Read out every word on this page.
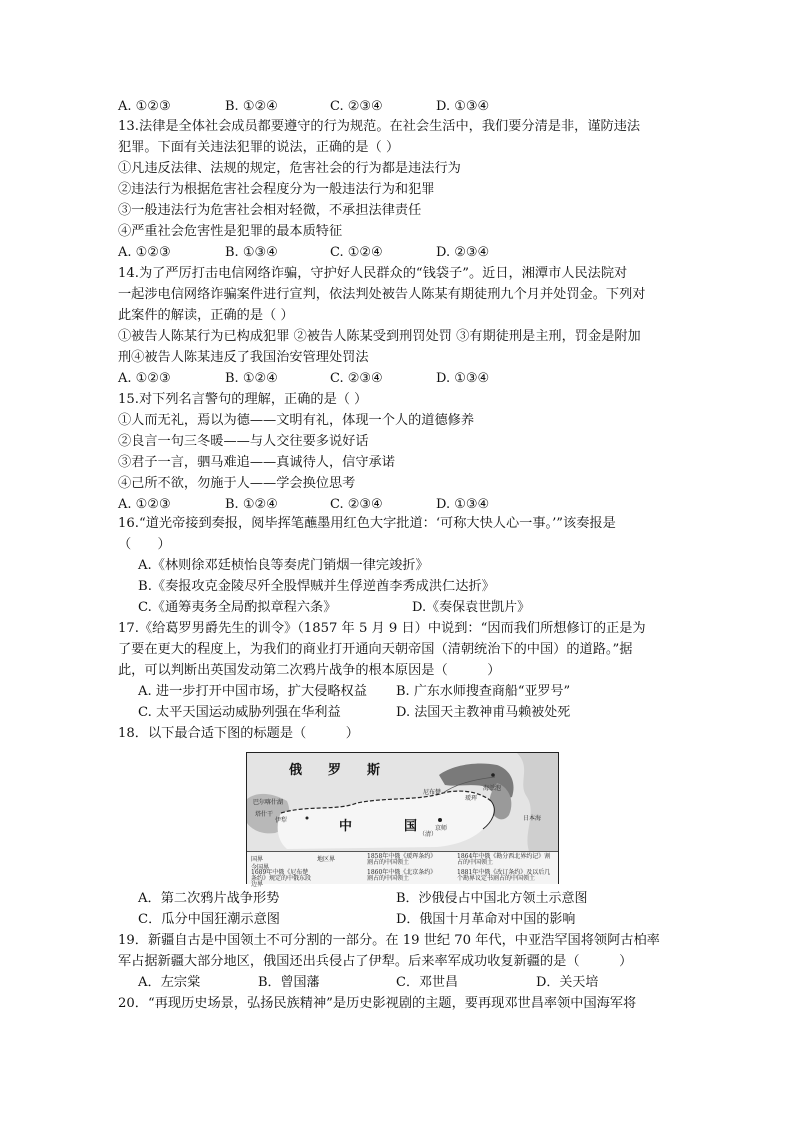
A. ①②③	B. ①②④	C. ②③④	D. ①③④
13.法律是全体社会成员都要遵守的行为规范。在社会生活中，我们要分清是非，谨防违法
犯罪。下面有关违法犯罪的说法，正确的是（ ）
①凡违反法律、法规的规定，危害社会的行为都是违法行为
②违法行为根据危害社会程度分为一般违法行为和犯罪
③一般违法行为危害社会相对轻微，不承担法律责任
④严重社会危害性是犯罪的最本质特征
A. ①②③	B. ①③④	C. ①②④	D. ②③④
14.为了严厉打击电信网络诈骗，守护好人民群众的“钱袋子”。近日，湘潭市人民法院对
一起涉电信网络诈骗案件进行宣判，依法判处被告人陈某有期徒刑九个月并处罚金。下列对
此案件的解读，正确的是（ ）
①被告人陈某行为已构成犯罪 ②被告人陈某受到刑罚处罚 ③有期徒刑是主刑，罚金是附加
刑④被告人陈某违反了我国治安管理处罚法
A. ①②③	B. ①②④	C. ②③④	D. ①③④
15.对下列名言警句的理解，正确的是（ ）
①人而无礼，焉以为德——文明有礼，体现一个人的道德修养
②良言一句三冬暖——与人交往要多说好话
③君子一言，驷马难追——真诚待人，信守承诺
④己所不欲，勿施于人——学会换位思考
A. ①②③	B. ①②④	C. ②③④	D. ①③④
16.“道光帝接到奏报，阅毕挥笔蘸墨用红色大字批道：‘可称大快人心一事。’”该奏报是
（　　）
A.《林则徐邓廷桢怡良等奏虎门销烟一律完竣折》
B.《奏报攻克金陵尽歼全股悍贼并生俘逆酋李秀成洪仁达折》
C.《通筹夷务全局酌拟章程六条》	D.《奏保袁世凯片》
17.《给葛罗男爵先生的训令》（1857 年 5 月 9 日）中说到：“因而我们所想修订的正是为
了要在更大的程度上，为我们的商业打开通向天朝帝国（清朝统治下的中国）的道路。”据
此，可以判断出英国发动第二次鸦片战争的根本原因是（　　　）
A. 进一步打开中国市场，扩大侵略权益 B. 广东水师搜查商船“亚罗号”
C. 太平天国运动威胁列强在华利益	D. 法国天主教神甫马赖被处死
18．以下最合适下图的标题是（　　　）
俄　　罗　　斯
中　　　　国
（清）
尼布楚
海兰泡
瑷珲
伊犁
京师
塔什干
巴尔喀什湖
日本海
国界
今国界
1689年中俄《尼布楚条约》规定的中俄东段边界
地区界	1858年中俄《瑷珲条约》割占的中国领土
1860年中俄《北京条约》割占的中国领土
1864年中俄《勘分西北界约记》割占的中国领土
1881年中俄《改订条约》及以后几个勘界议定书割占的中国领土
A．第二次鸦片战争形势	B．沙俄侵占中国北方领土示意图
C．瓜分中国狂潮示意图	D．俄国十月革命对中国的影响
19．新疆自古是中国领土不可分割的一部分。在 19 世纪 70 年代，中亚浩罕国将领阿古柏率
军占据新疆大部分地区，俄国还出兵侵占了伊犁。后来率军成功收复新疆的是（　　　）
A．左宗棠	B．曾国藩	C．邓世昌	D．关天培
20．“再现历史场景，弘扬民族精神”是历史影视剧的主题，要再现邓世昌率领中国海军将
